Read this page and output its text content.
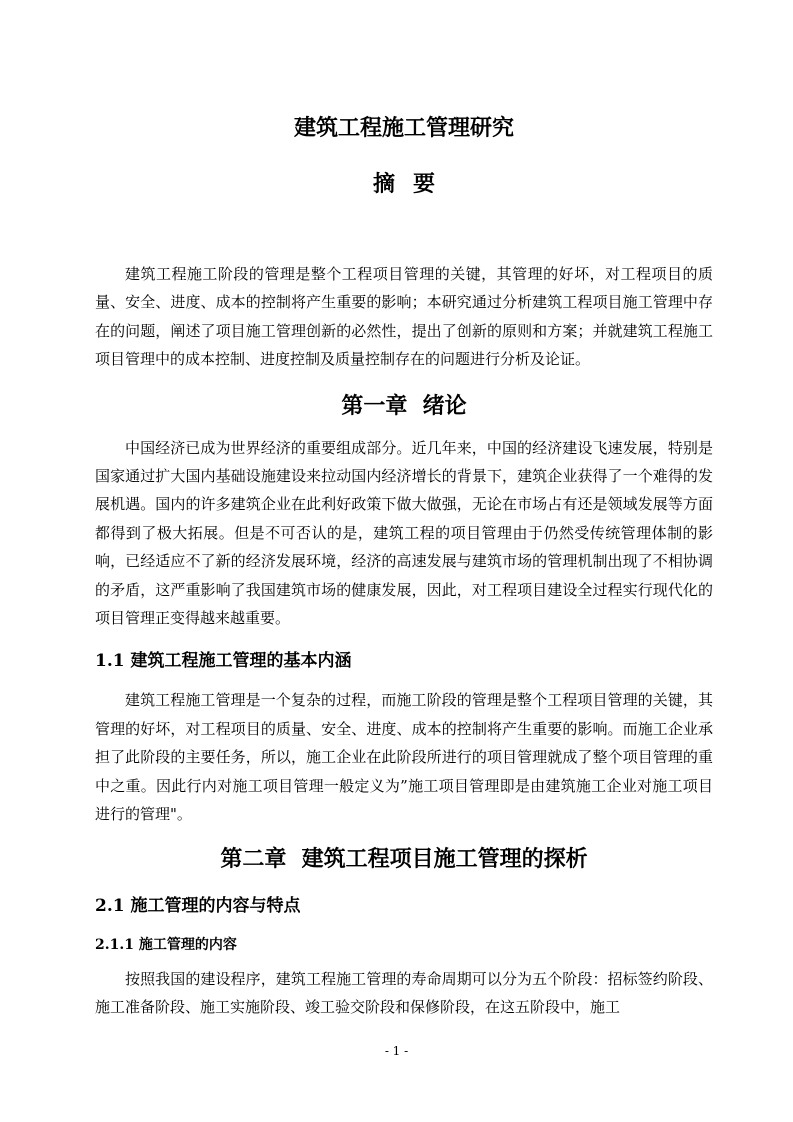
建筑工程施工管理研究
摘要

建筑工程施工阶段的管理是整个工程项目管理的关键，其管理的好坏，对工程项目的质量、安全、进度、成本的控制将产生重要的影响；本研究通过分析建筑工程项目施工管理中存在的问题，阐述了项目施工管理创新的必然性，提出了创新的原则和方案；并就建筑工程施工项目管理中的成本控制、进度控制及质量控制存在的问题进行分析及论证。

第一章  绪论

中国经济已成为世界经济的重要组成部分。近几年来，中国的经济建设飞速发展，特别是国家通过扩大国内基础设施建设来拉动国内经济增长的背景下，建筑企业获得了一个难得的发展机遇。国内的许多建筑企业在此利好政策下做大做强，无论在市场占有还是领域发展等方面都得到了极大拓展。但是不可否认的是，建筑工程的项目管理由于仍然受传统管理体制的影响，已经适应不了新的经济发展环境，经济的高速发展与建筑市场的管理机制出现了不相协调的矛盾，这严重影响了我国建筑市场的健康发展，因此，对工程项目建设全过程实行现代化的项目管理正变得越来越重要。

1.1 建筑工程施工管理的基本内涵

建筑工程施工管理是一个复杂的过程，而施工阶段的管理是整个工程项目管理的关键，其管理的好坏，对工程项目的质量、安全、进度、成本的控制将产生重要的影响。而施工企业承担了此阶段的主要任务，所以，施工企业在此阶段所进行的项目管理就成了整个项目管理的重中之重。因此行内对施工项目管理一般定义为”施工项目管理即是由建筑施工企业对施工项目进行的管理"。

第二章  建筑工程项目施工管理的探析
2.1 施工管理的内容与特点
2.1.1 施工管理的内容

按照我国的建设程序，建筑工程施工管理的寿命周期可以分为五个阶段：招标签约阶段、施工准备阶段、施工实施阶段、竣工验交阶段和保修阶段，在这五阶段中，施工

- 1 -
